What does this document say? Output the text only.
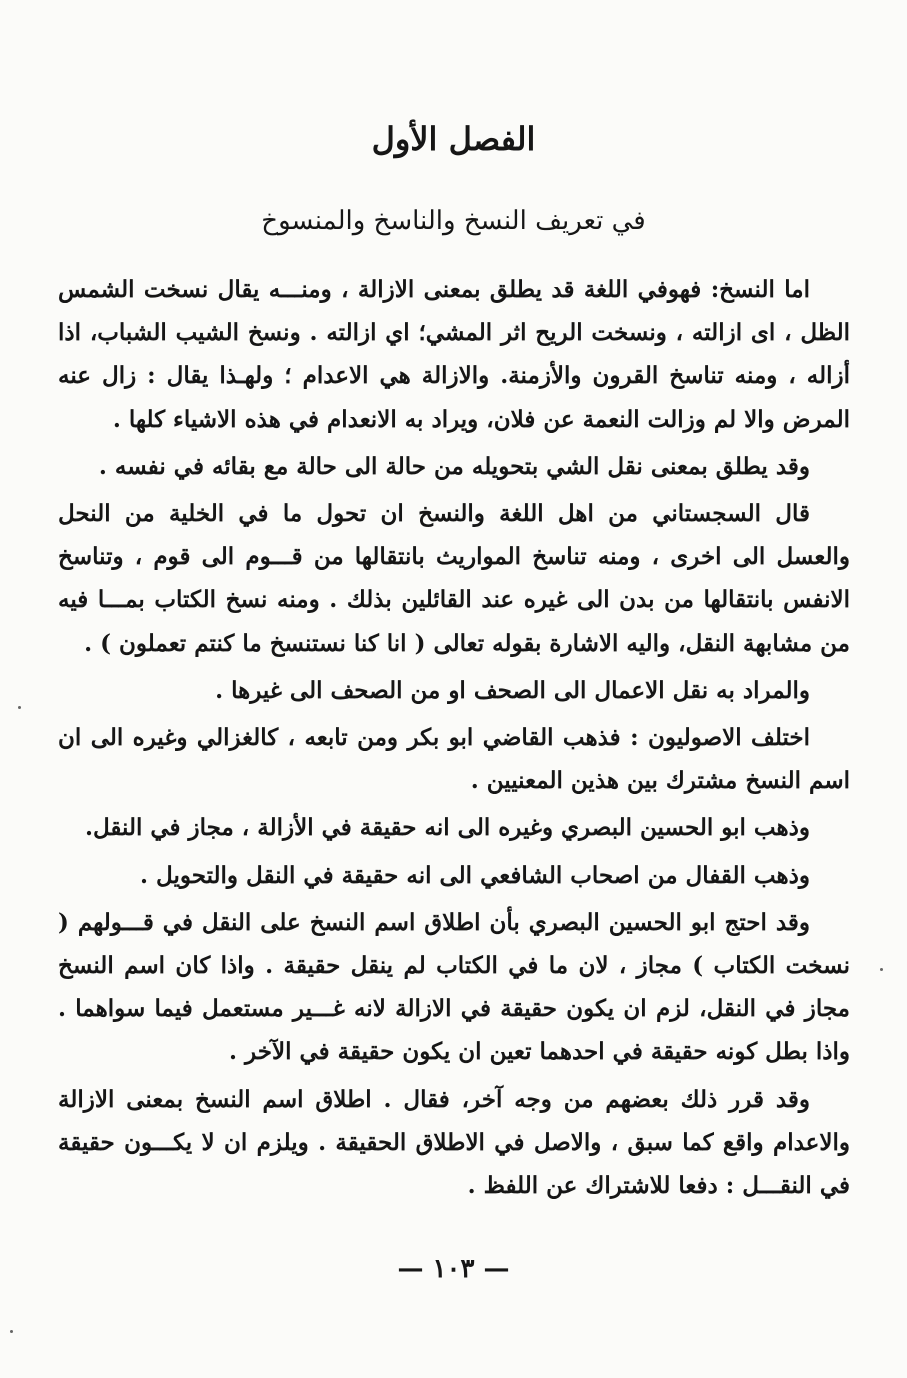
الفصل الأول
في تعريف النسخ والناسخ والمنسوخ

اما النسخ: فهوفي اللغة قد يطلق بمعنى الازالة ، ومنـــه يقال نسخت الشمس الظل ، اى ازالته ، ونسخت الريح اثر المشي؛ اي ازالته . ونسخ الشيب الشباب، اذا أزاله ، ومنه تناسخ القرون والأزمنة. والازالة هي الاعدام ؛ ولهـذا يقال : زال عنه المرض والا لم وزالت النعمة عن فلان، ويراد به الانعدام في هذه الاشياء كلها .

وقد يطلق بمعنى نقل الشي بتحويله من حالة الى حالة مع بقائه في نفسه .

قال السجستاني من اهل اللغة والنسخ ان تحول ما في الخلية من النحل والعسل الى اخرى ، ومنه تناسخ المواريث بانتقالها من قـــوم الى قوم ، وتناسخ الانفس بانتقالها من بدن الى غيره عند القائلين بذلك . ومنه نسخ الكتاب بمـــا فيه من مشابهة النقل، واليه الاشارة بقوله تعالى ( انا كنا نستنسخ ما كنتم تعملون ) .

والمراد به نقل الاعمال الى الصحف او من الصحف الى غيرها .

اختلف الاصوليون : فذهب القاضي ابو بكر ومن تابعه ، كالغزالي وغيره الى ان اسم النسخ مشترك بين هذين المعنيين .

وذهب ابو الحسين البصري وغيره الى انه حقيقة في الأزالة ، مجاز في النقل.

وذهب القفال من اصحاب الشافعي الى انه حقيقة في النقل والتحويل .

وقد احتج ابو الحسين البصري بأن اطلاق اسم النسخ على النقل في قـــولهم ( نسخت الكتاب ) مجاز ، لان ما في الكتاب لم ينقل حقيقة . واذا كان اسم النسخ مجاز في النقل، لزم ان يكون حقيقة في الازالة لانه غـــير مستعمل فيما سواهما . واذا بطل كونه حقيقة في احدهما تعين ان يكون حقيقة في الآخر .

وقد قرر ذلك بعضهم من وجه آخر، فقال . اطلاق اسم النسخ بمعنى الازالة والاعدام واقع كما سبق ، والاصل في الاطلاق الحقيقة . ويلزم ان لا يكـــون حقيقة في النقـــل : دفعا للاشتراك عن اللفظ .

— ١٠٣ —
